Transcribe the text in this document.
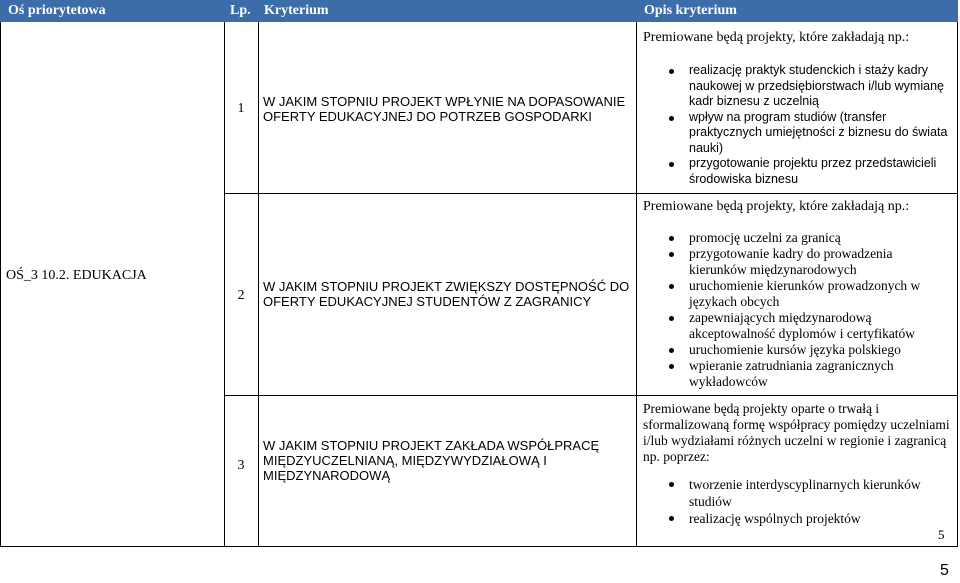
Oś priorytetowa	Lp. Kryterium	Opis kryterium
OŚ_3 10.2. EDUKACJA
1 W JAKIM STOPNIU PROJEKT WPŁYNIE NA DOPASOWANIE OFERTY EDUKACYJNEJ DO POTRZEB GOSPODARKI
Premiowane będą projekty, które zakładają np.:
realizację praktyk studenckich i staży kadry naukowej w przedsiębiorstwach i/lub wymianę kadr biznesu z uczelnią
wpływ na program studiów (transfer praktycznych umiejętności z biznesu do świata nauki)
przygotowanie projektu przez przedstawicieli środowiska biznesu
2
W JAKIM STOPNIU PROJEKT ZWIĘKSZY DOSTĘPNOŚĆ DO OFERTY EDUKACYJNEJ STUDENTÓW Z ZAGRANICY
Premiowane będą projekty, które zakładają np.:
promocję uczelni za granicą
przygotowanie kadry do prowadzenia kierunków międzynarodowych
uruchomienie kierunków prowadzonych w językach obcych
zapewniających międzynarodową akceptowalność dyplomów i certyfikatów
uruchomienie kursów języka polskiego
wpieranie zatrudniania zagranicznych wykładowców
3
W JAKIM STOPNIU PROJEKT ZAKŁADA WSPÓŁPRACĘ MIĘDZYUCZELNIANĄ, MIĘDZYWYDZIAŁOWĄ I MIĘDZYNARODOWĄ
Premiowane będą projekty oparte o trwałą i sformalizowaną formę współpracy pomiędzy uczelniami i/lub wydziałami różnych uczelni w regionie i zagranicą np. poprzez:
tworzenie interdyscyplinarnych kierunków studiów
realizację wspólnych projektów
5
5
